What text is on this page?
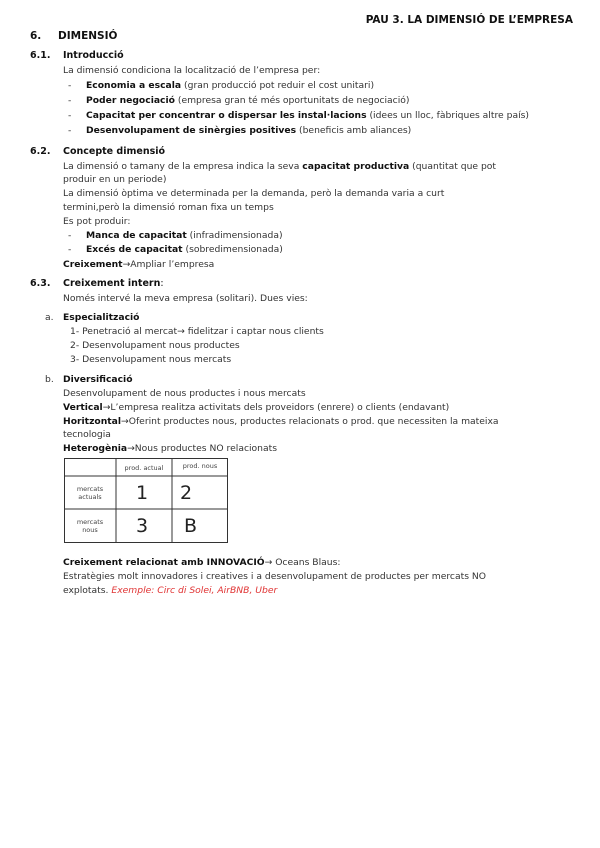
PAU 3. LA DIMENSIÓ DE L’EMPRESA
6. DIMENSIÓ
6.1. Introducció
La dimensió condiciona la localització de l’empresa per:
- Economia a escala (gran producció pot reduir el cost unitari)
- Poder negociació (empresa gran té més oportunitats de negociació)
- Capacitat per concentrar o dispersar les instal·lacions (idees un lloc, fàbriques altre país)
- Desenvolupament de sinèrgies positives (beneficis amb aliances)
6.2. Concepte dimensió
La dimensió o tamany de la empresa indica la seva capacitat productiva (quantitat que pot
produir en un periode)
La dimensió òptima ve determinada per la demanda, però la demanda varia a curt
termini,però la dimensió roman fixa un temps
Es pot produir:
- Manca de capacitat (infradimensionada)
- Excés de capacitat (sobredimensionada)
Creixement→Ampliar l’empresa
6.3. Creixement intern:
Només intervé la meva empresa (solitari). Dues vies:
a. Especialització
1- Penetració al mercat→ fidelitzar i captar nous clients
2- Desenvolupament nous productes
3- Desenvolupament nous mercats
b. Diversificació
Desenvolupament de nous productes i nous mercats
Vertical→L’empresa realitza activitats dels proveidors (enrere) o clients (endavant)
Horitzontal→Oferint productes nous, productes relacionats o prod. que necessiten la mateixa
tecnologia
Heterogènia→Nous productes NO relacionats
prod. actual	prod. nous
mercats
actuals
mercats
nous
1 2
3 B
Creixement relacionat amb INNOVACIÓ→ Oceans Blaus:
Estratègies molt innovadores i creatives i a desenvolupament de productes per mercats NO
explotats. Exemple: Circ di Solei, AirBNB, Uber
